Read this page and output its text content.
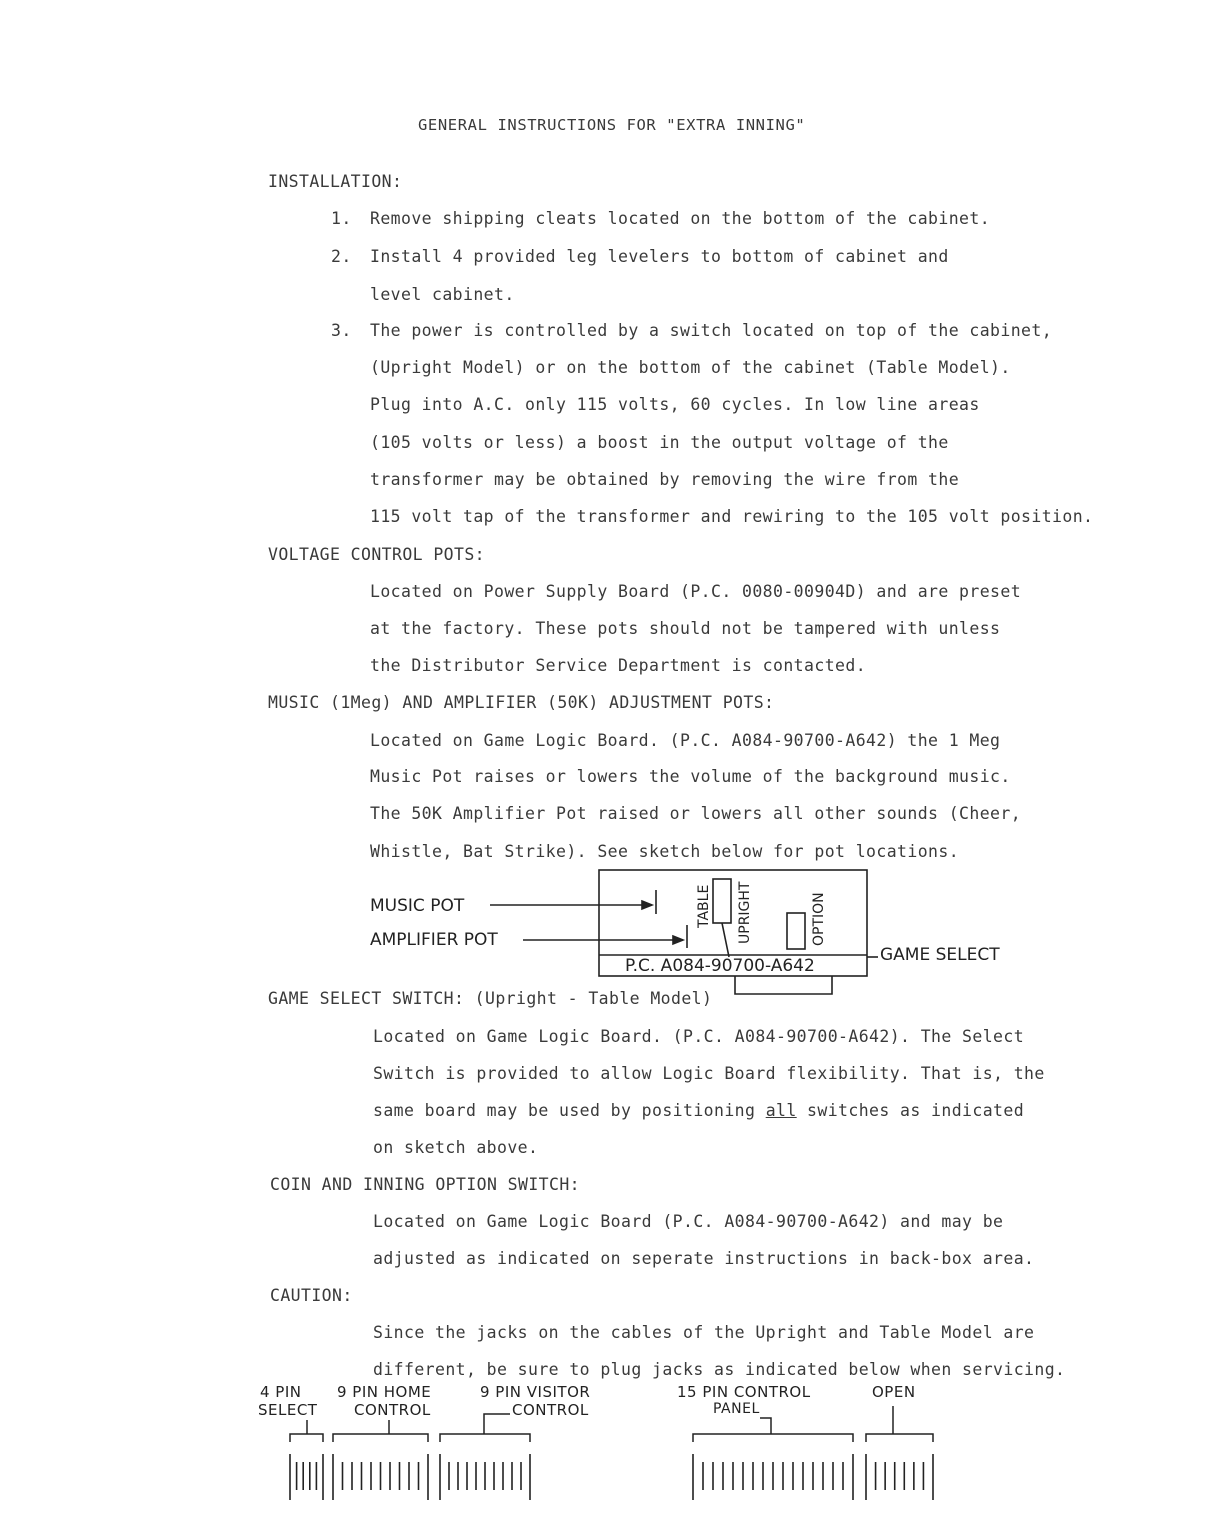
GENERAL INSTRUCTIONS FOR "EXTRA INNING"
INSTALLATION:
1. Remove shipping cleats located on the bottom of the cabinet.
2. Install 4 provided leg levelers to bottom of cabinet and
level cabinet.
3. The power is controlled by a switch located on top of the cabinet,
(Upright Model) or on the bottom of the cabinet (Table Model).
Plug into A.C. only 115 volts, 60 cycles. In low line areas
(105 volts or less) a boost in the output voltage of the
transformer may be obtained by removing the wire from the
115 volt tap of the transformer and rewiring to the 105 volt position.
VOLTAGE CONTROL POTS:
Located on Power Supply Board (P.C. 0080-00904D) and are preset
at the factory. These pots should not be tampered with unless
the Distributor Service Department is contacted.
MUSIC (1Meg) AND AMPLIFIER (50K) ADJUSTMENT POTS:
Located on Game Logic Board. (P.C. A084-90700-A642) the 1 Meg
Music Pot raises or lowers the volume of the background music.
The 50K Amplifier Pot raised or lowers all other sounds (Cheer,
Whistle, Bat Strike). See sketch below for pot locations.
MUSIC POT
AMPLIFIER POT
GAME SELECT
P.C. A084-90700-A642
TABLE UPRIGHT	OPTION
GAME SELECT SWITCH: (Upright - Table Model)
Located on Game Logic Board. (P.C. A084-90700-A642). The Select
Switch is provided to allow Logic Board flexibility. That is, the
same board may be used by positioning all switches as indicated
on sketch above.
COIN AND INNING OPTION SWITCH:
Located on Game Logic Board (P.C. A084-90700-A642) and may be
adjusted as indicated on seperate instructions in back-box area.
CAUTION:
Since the jacks on the cables of the Upright and Table Model are
different, be sure to plug jacks as indicated below when servicing.
4 PIN
SELECT
9 PIN HOME
CONTROL
9 PIN VISITOR
CONTROL
15 PIN CONTROL
PANEL
OPEN
